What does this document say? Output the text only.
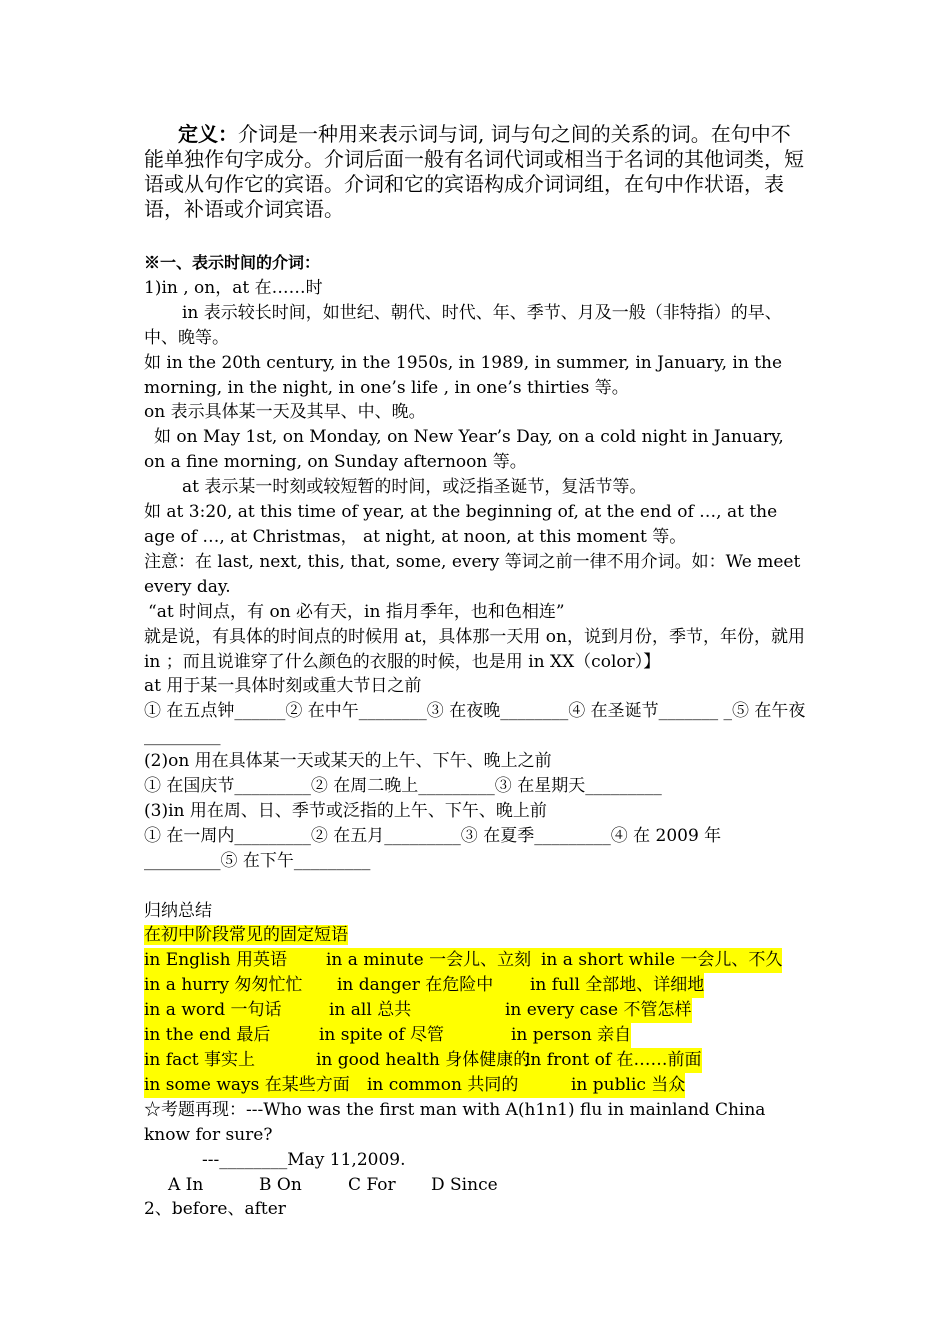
定义：介词是一种用来表示词与词, 词与句之间的关系的词。在句中不能单独作句字成分。介词后面一般有名词代词或相当于名词的其他词类，短语或从句作它的宾语。介词和它的宾语构成介词词组，在句中作状语，表语，补语或介词宾语。

※一、表示时间的介词：

1)in , on，at 在……时

in 表示较长时间，如世纪、朝代、时代、年、季节、月及一般（非特指）的早、中、晚等。

如 in the 20th century, in the 1950s, in 1989, in summer, in January, in the morning, in the night, in one’s life , in one’s thirties 等。

on 表示具体某一天及其早、中、晚。

如 on May 1st, on Monday, on New Year’s Day, on a cold night in January, on a fine morning, on Sunday afternoon 等。

at 表示某一时刻或较短暂的时间，或泛指圣诞节，复活节等。

如 at 3:20, at this time of year, at the beginning of, at the end of …, at the age of …, at Christmas， at night, at noon, at this moment 等。

注意：在 last, next, this, that, some, every 等词之前一律不用介词。如：We meet every day.

“at 时间点，有 on 必有天，in 指月季年，也和色相连”

就是说，有具体的时间点的时候用 at，具体那一天用 on，说到月份，季节，年份，就用 in ；而且说谁穿了什么颜色的衣服的时候，也是用 in XX（color）】

at 用于某一具体时刻或重大节日之前

① 在五点钟______② 在中午________③ 在夜晚________④ 在圣诞节_______ _⑤ 在午夜_________

(2)on 用在具体某一天或某天的上午、下午、晚上之前

① 在国庆节_________② 在周二晚上_________③ 在星期天_________

(3)in 用在周、日、季节或泛指的上午、下午、晚上前

① 在一周内_________② 在五月_________③ 在夏季_________④ 在 2009 年_________⑤ 在下午_________

归纳总结

在初中阶段常见的固定短语

in English 用英语 in a minute 一会儿、立刻 in a short while 一会儿、不久
in a hurry 匆匆忙忙 in danger 在危险中 in full 全部地、详细地
in a word 一句话	in all 总共	in every case 不管怎样
in the end 最后	in spite of 尽管	in person 亲自
in fact 事实上	in good health 身体健康的in front of 在……前面
in some ways 在某些方面 in common 共同的	in public 当众

☆考题再现：---Who was the first man with A(h1n1) flu in mainland China know for sure?

---________May 11,2009.

A In	B On	C For D Since

2、before、after
